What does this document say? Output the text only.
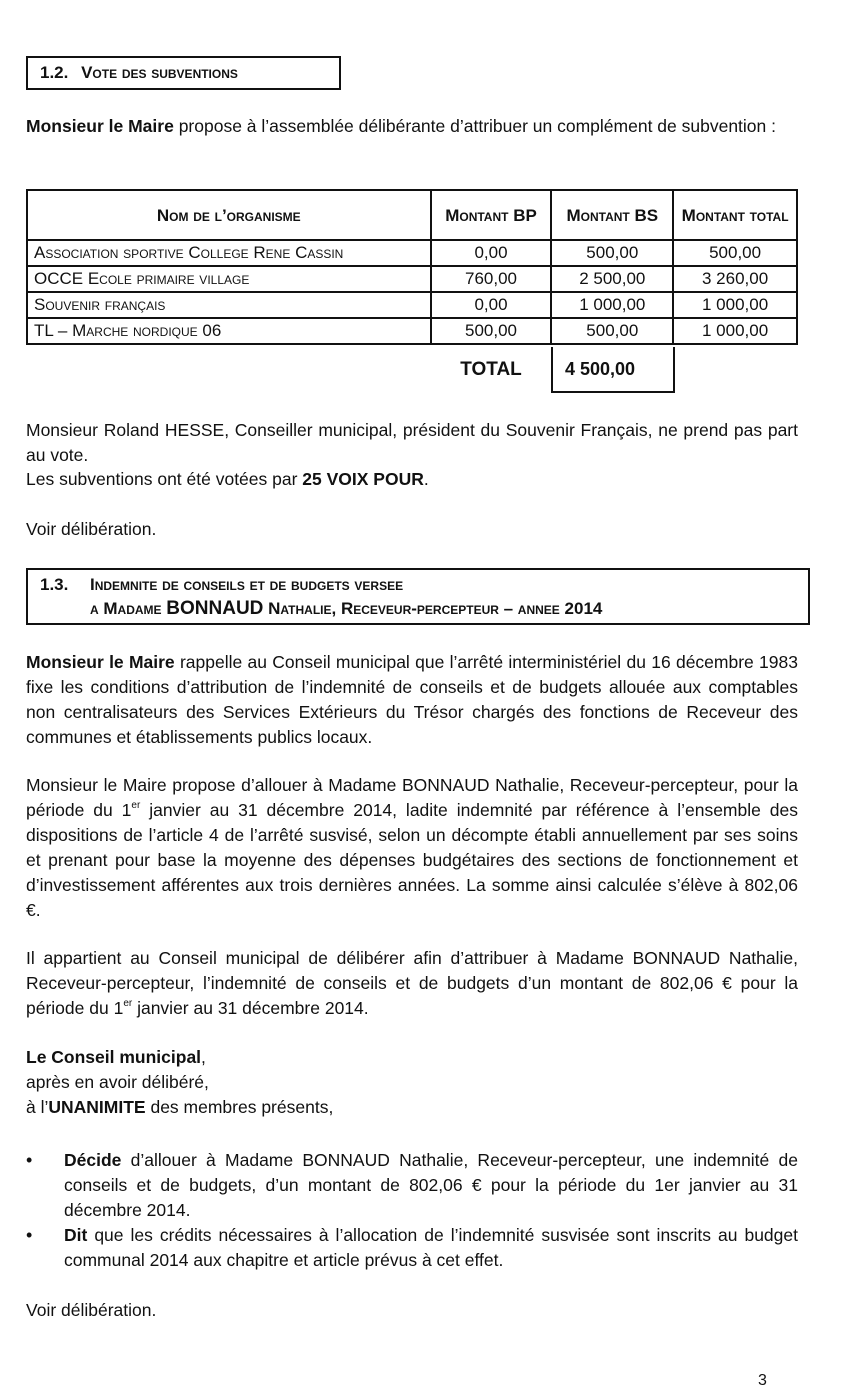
1.2. Vote des subventions

Monsieur le Maire propose à l’assemblée délibérante d’attribuer un complément de subvention :

Nom de l’organisme	Montant BP	Montant BS	Montant total
Association sportive College Rene Cassin	0,00	500,00	500,00
OCCE Ecole primaire village	760,00	2 500,00	3 260,00
Souvenir français	0,00	1 000,00	1 000,00
TL – Marche nordique 06	500,00	500,00	1 000,00
TOTAL	4 500,00

Monsieur Roland HESSE, Conseiller municipal, président du Souvenir Français, ne prend pas part au vote.

Les subventions ont été votées par 25 VOIX POUR.

Voir délibération.

1.3. Indemnite de conseils et de budgets versee
a Madame BONNAUD Nathalie, Receveur-percepteur – annee 2014

Monsieur le Maire rappelle au Conseil municipal que l’arrêté interministériel du 16 décembre 1983 fixe les conditions d’attribution de l’indemnité de conseils et de budgets allouée aux comptables non centralisateurs des Services Extérieurs du Trésor chargés des fonctions de Receveur des communes et établissements publics locaux.

Monsieur le Maire propose d’allouer à Madame BONNAUD Nathalie, Receveur-percepteur, pour la période du 1er janvier au 31 décembre 2014, ladite indemnité par référence à l’ensemble des dispositions de l’article 4 de l’arrêté susvisé, selon un décompte établi annuellement par ses soins et prenant pour base la moyenne des dépenses budgétaires des sections de fonctionnement et d’investissement afférentes aux trois dernières années. La somme ainsi calculée s’élève à 802,06 €.

Il appartient au Conseil municipal de délibérer afin d’attribuer à Madame BONNAUD Nathalie, Receveur-percepteur, l’indemnité de conseils et de budgets d’un montant de 802,06 € pour la période du 1er janvier au 31 décembre 2014.

Le Conseil municipal,
après en avoir délibéré,
à l’UNANIMITE des membres présents,
• Décide d’allouer à Madame BONNAUD Nathalie, Receveur-percepteur, une indemnité de conseils et de budgets, d’un montant de 802,06 € pour la période du 1er janvier au 31 décembre 2014.
• Dit que les crédits nécessaires à l’allocation de l’indemnité susvisée sont inscrits au budget communal 2014 aux chapitre et article prévus à cet effet.

Voir délibération.

3
